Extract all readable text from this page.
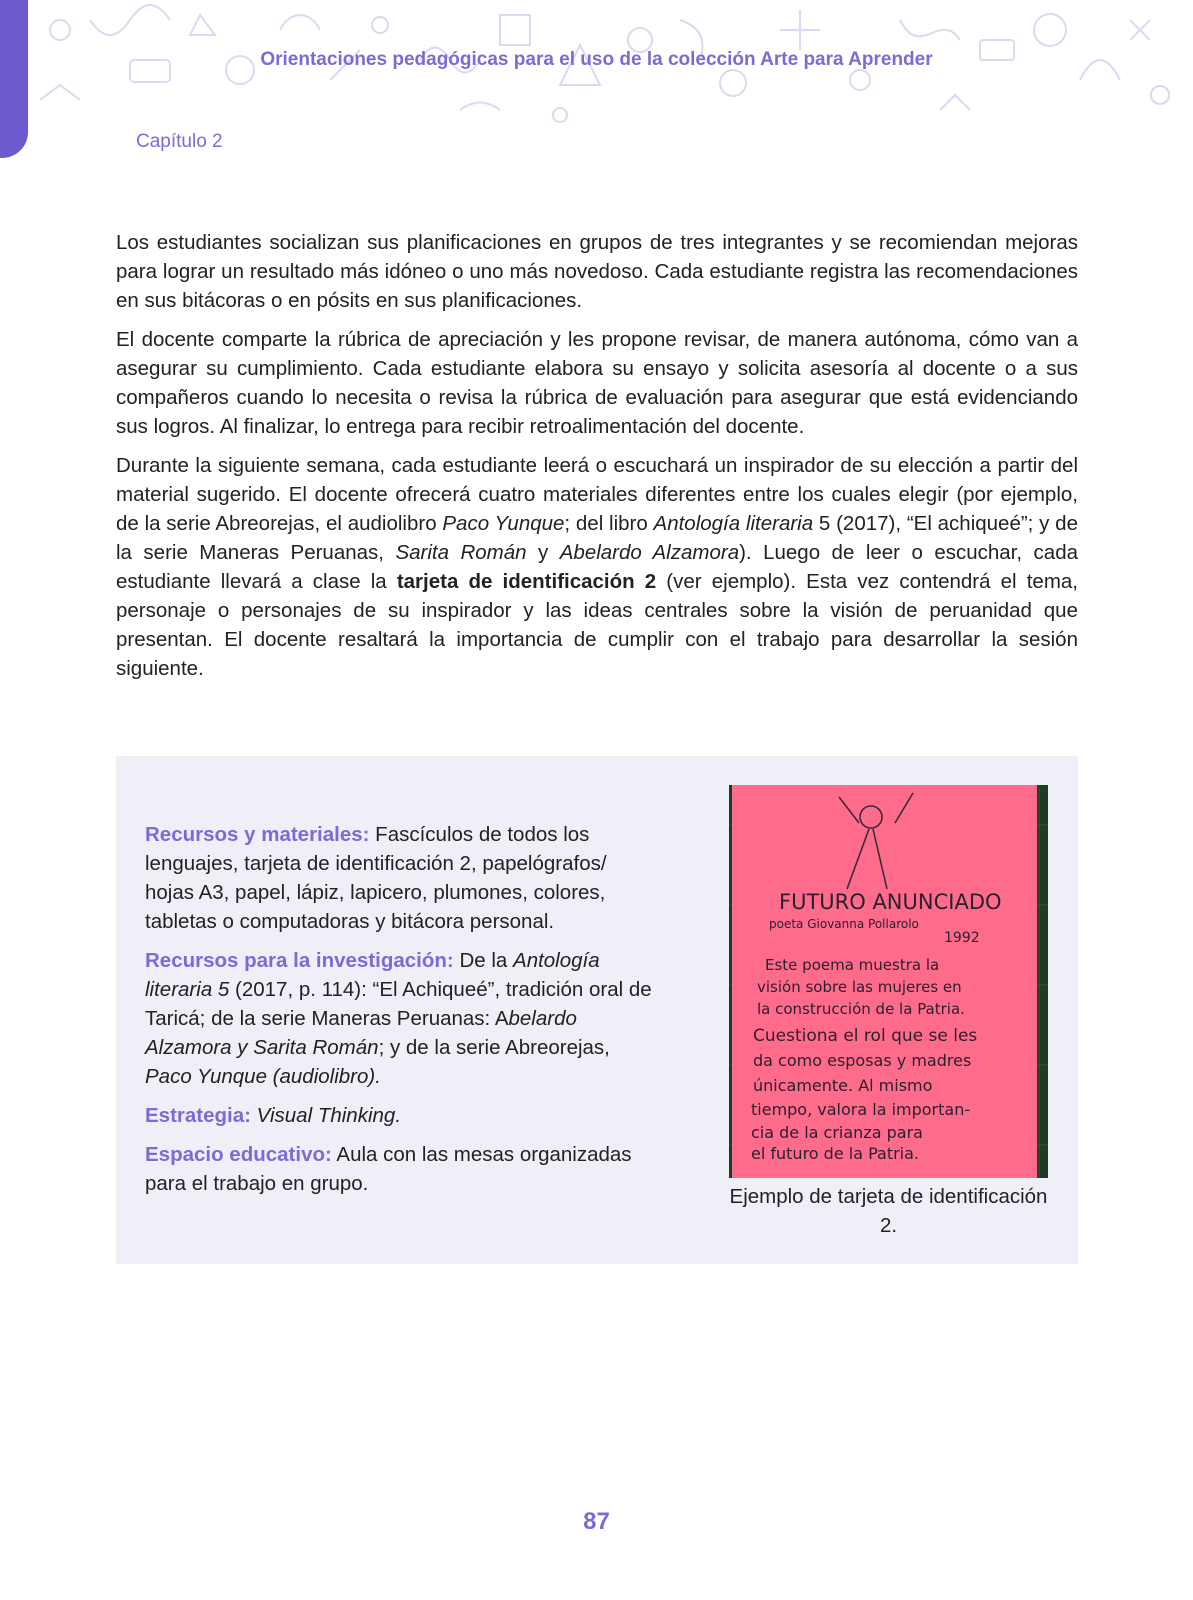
Orientaciones pedagógicas para el uso de la colección Arte para Aprender
Capítulo 2

Los estudiantes socializan sus planificaciones en grupos de tres integrantes y se recomiendan mejoras para lograr un resultado más idóneo o uno más novedoso. Cada estudiante registra las recomendaciones en sus bitácoras o en pósits en sus planificaciones.

El docente comparte la rúbrica de apreciación y les propone revisar, de manera autónoma, cómo van a asegurar su cumplimiento. Cada estudiante elabora su ensayo y solicita asesoría al docente o a sus compañeros cuando lo necesita o revisa la rúbrica de evaluación para asegurar que está evidenciando sus logros. Al finalizar, lo entrega para recibir retroalimentación del docente.

Durante la siguiente semana, cada estudiante leerá o escuchará un inspirador de su elección a partir del material sugerido. El docente ofrecerá cuatro materiales diferentes entre los cuales elegir (por ejemplo, de la serie Abreorejas, el audiolibro Paco Yunque; del libro Antología literaria 5 (2017), “El achiqueé”; y de la serie Maneras Peruanas, Sarita Román y Abelardo Alzamora). Luego de leer o escuchar, cada estudiante llevará a clase la tarjeta de identificación 2 (ver ejemplo). Esta vez contendrá el tema, personaje o personajes de su inspirador y las ideas centrales sobre la visión de peruanidad que presentan. El docente resaltará la importancia de cumplir con el trabajo para desarrollar la sesión siguiente.

Recursos y materiales: Fascículos de todos los lenguajes, tarjeta de identificación 2, papelógrafos/ hojas A3, papel, lápiz, lapicero, plumones, colores, tabletas o computadoras y bitácora personal.

Recursos para la investigación: De la Antología literaria 5 (2017, p. 114): “El Achiqueé”, tradición oral de Taricá; de la serie Maneras Peruanas: Abelardo Alzamora y Sarita Román; y de la serie Abreorejas, Paco Yunque (audiolibro).

Estrategia: Visual Thinking.

Espacio educativo: Aula con las mesas organizadas para el trabajo en grupo.

FUTURO ANUNCIADO
poeta Giovanna Pollarolo
1992
Este poema muestra la
visión sobre las mujeres en
la construcción de la Patria.
Cuestiona el rol que se les
da como esposas y madres
únicamente. Al mismo
tiempo, valora la importan-
cia de la crianza para
el futuro de la Patria.
Ejemplo de tarjeta de identificación 2.
87
